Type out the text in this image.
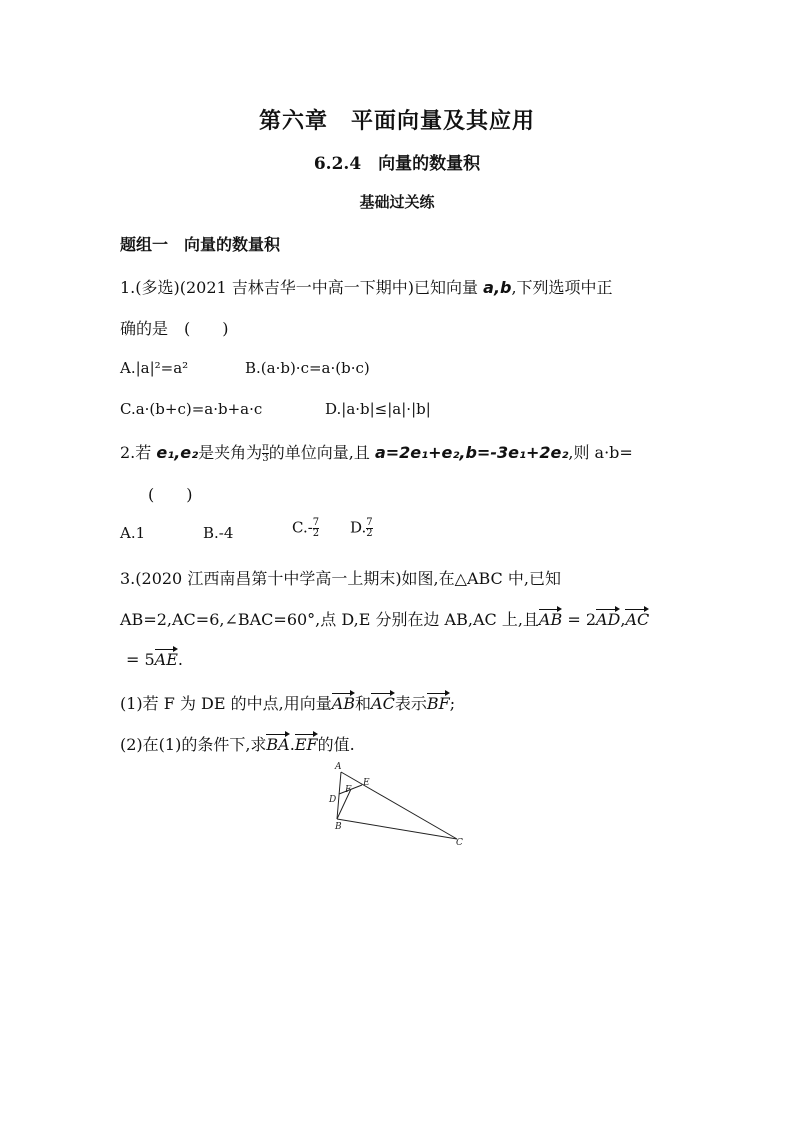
第六章　平面向量及其应用
6.2.4　向量的数量积
基础过关练
题组一　向量的数量积
1.(多选)(2021 吉林吉华一中高一下期中)已知向量 a,b,下列选项中正
确的是　(　　)
A.|a|²=a²	B.(a·b)·c=a·(b·c)
C.a·(b+c)=a·b+a·c	D.|a·b|≤|a|·|b|
2.若 e₁,e₂是夹角为 $\frac{\pi}{3}$ 的单位向量,且 a=2e₁+e₂,b=-3e₁+2e₂,则 a·b=
(　　)
A.1	B.-4	$C.- \frac{7}{2} D$. $\frac{7}{2}$
3.(2020 江西南昌第十中学高一上期末)如图,在△ABC 中,已知
AB=2,AC=6,∠BAC=60°,点 D,E 分别在边 AB,AC 上,且AB = 2AD,AC
= 5AE.
(1)若 F 为 DE 的中点,用向量AB和AC表示BF;
(2)在(1)的条件下,求BA.EF的值.
A
E
F
D
B
C
